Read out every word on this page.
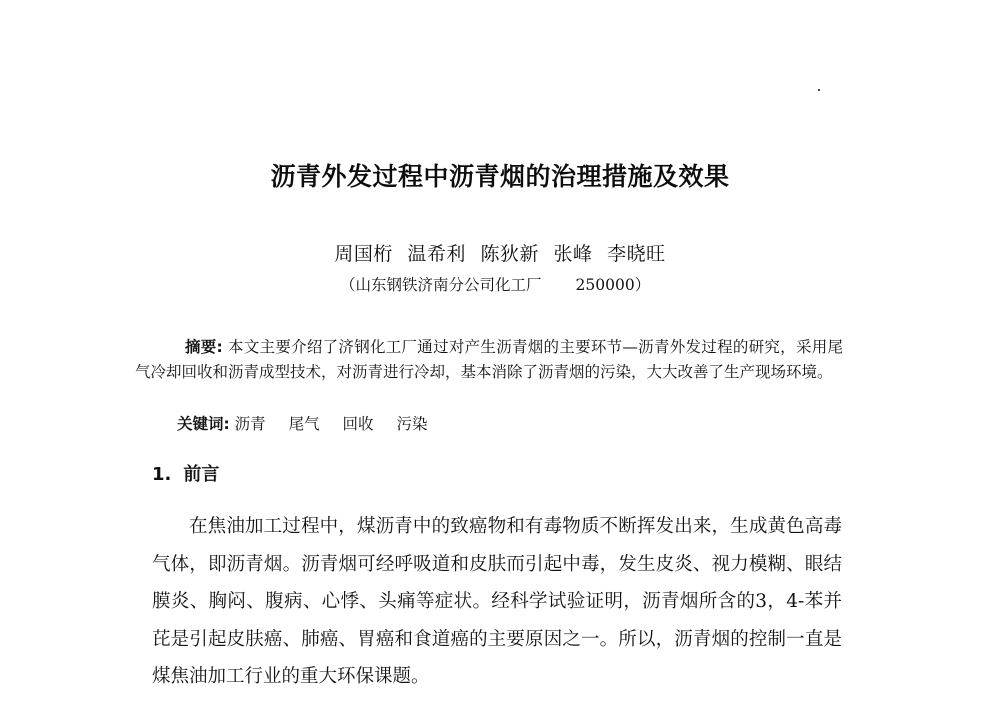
沥青外发过程中沥青烟的治理措施及效果
周国桁 温希利 陈狄新 张峰 李晓旺
（山东钢铁济南分公司化工厂 250000）
摘要: 本文主要介绍了济钢化工厂通过对产生沥青烟的主要环节—沥青外发过程的研究，采用尾气冷却回收和沥青成型技术，对沥青进行冷却，基本消除了沥青烟的污染，大大改善了生产现场环境。
关键词: 沥青 尾气 回收 污染
1. 前言
在焦油加工过程中，煤沥青中的致癌物和有毒物质不断挥发出来，生成黄色高毒气体，即沥青烟。沥青烟可经呼吸道和皮肤而引起中毒，发生皮炎、视力模糊、眼结膜炎、胸闷、腹病、心悸、头痛等症状。经科学试验证明，沥青烟所含的3，4-苯并芘是引起皮肤癌、肺癌、胃癌和食道癌的主要原因之一。所以，沥青烟的控制一直是煤焦油加工行业的重大环保课题。
